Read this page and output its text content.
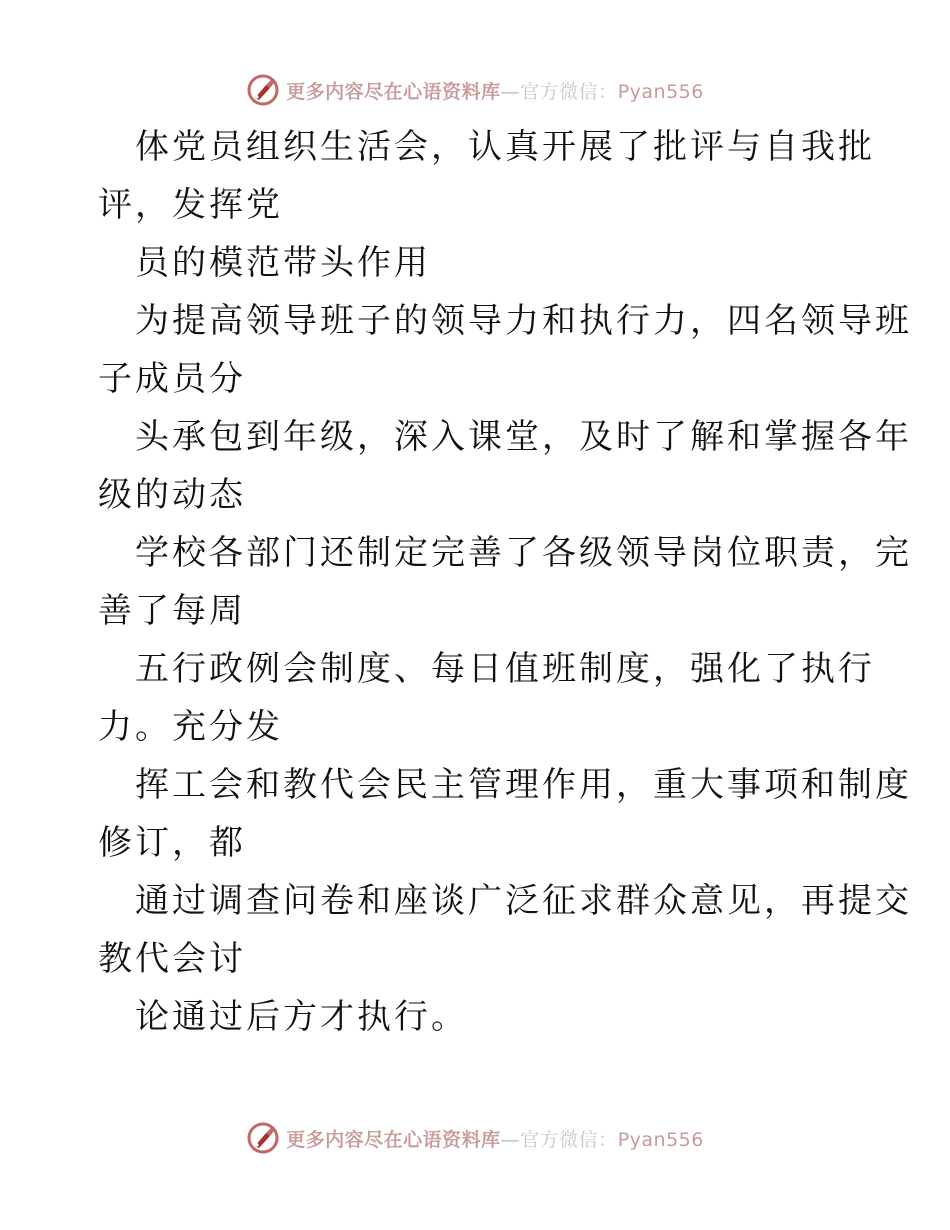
更多内容尽在心语资料库—官方微信：Pyan556
体党员组织生活会，认真开展了批评与自我批
评，发挥党
员的模范带头作用
为提高领导班子的领导力和执行力，四名领导班
子成员分
头承包到年级，深入课堂，及时了解和掌握各年
级的动态
学校各部门还制定完善了各级领导岗位职责，完
善了每周
五行政例会制度、每日值班制度，强化了执行
力。充分发
挥工会和教代会民主管理作用，重大事项和制度
修订，都
通过调查问卷和座谈广泛征求群众意见，再提交
教代会讨
论通过后方才执行。
更多内容尽在心语资料库—官方微信：Pyan556
